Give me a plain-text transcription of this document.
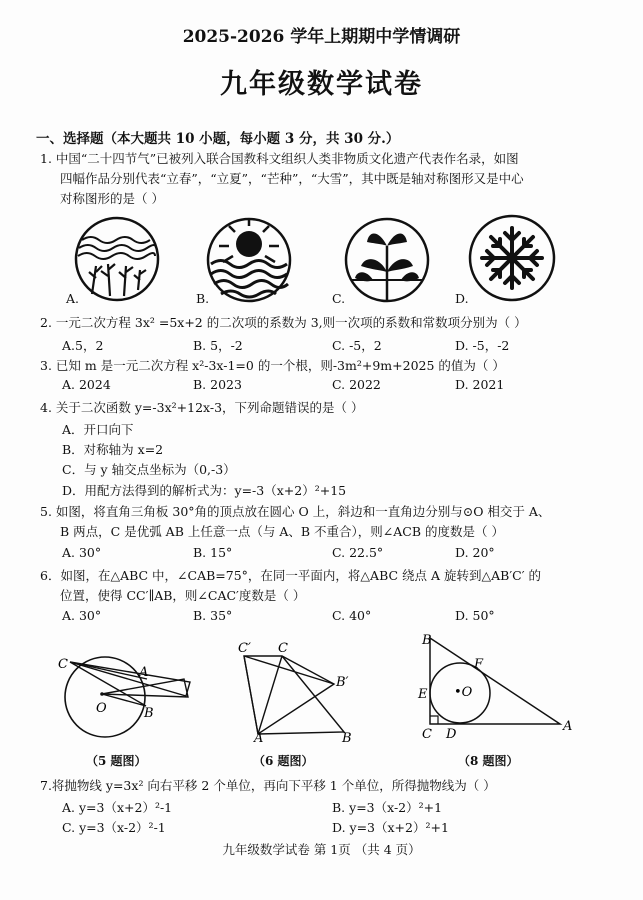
2025-2026 学年上期期中学情调研
九年级数学试卷
一、选择题（本大题共 10 小题，每小题 3 分，共 30 分.）
1. 中国“二十四节气”已被列入联合国教科文组织人类非物质文化遗产代表作名录，如图
四幅作品分别代表“立春”，“立夏”，“芒种”，“大雪”，其中既是轴对称图形又是中心
对称图形的是（ ）
A.	B.	C.	D.
2. 一元二次方程 3x² =5x+2 的二次项的系数为 3,则一次项的系数和常数项分别为（ ）
A.5，2	B. 5，-2	C. -5，2	D. -5，-2
3. 已知 m 是一元二次方程 x²-3x-1=0 的一个根，则-3m²+9m+2025 的值为（ ）
A. 2024	B. 2023	C. 2022	D. 2021
4. 关于二次函数 y=-3x²+12x-3，下列命题错误的是（ ）
A．开口向下
B．对称轴为 x=2
C．与 y 轴交点坐标为（0,-3）
D．用配方法得到的解析式为：y=-3（x+2）²+15
5. 如图，将直角三角板 30°角的顶点放在圆心 O 上，斜边和一直角边分别与⊙O 相交于 A、
B 两点，C 是优弧 AB 上任意一点（与 A、B 不重合），则∠ACB 的度数是（ ）
A. 30°	B. 15°	C. 22.5°	D. 20°
6．如图，在△ABC 中，∠CAB=75°，在同一平面内，将△ABC 绕点 A 旋转到△AB′C′ 的
位置，使得 CC′∥AB，则∠CAC′度数是（ ）
A. 30°	B. 35°	C. 40°	D. 50°
C
A
O	B
（5 题图）
C′ C
B′
A	B
（6 题图）
B
F
E •O
C D
A
（8 题图）
7.将抛物线 y=3x² 向右平移 2 个单位，再向下平移 1 个单位，所得抛物线为（ ）
A. y=3（x+2）²-1	B. y=3（x-2）²+1
C. y=3（x-2）²-1	D. y=3（x+2）²+1
九年级数学试卷 第 1页 （共 4 页）
